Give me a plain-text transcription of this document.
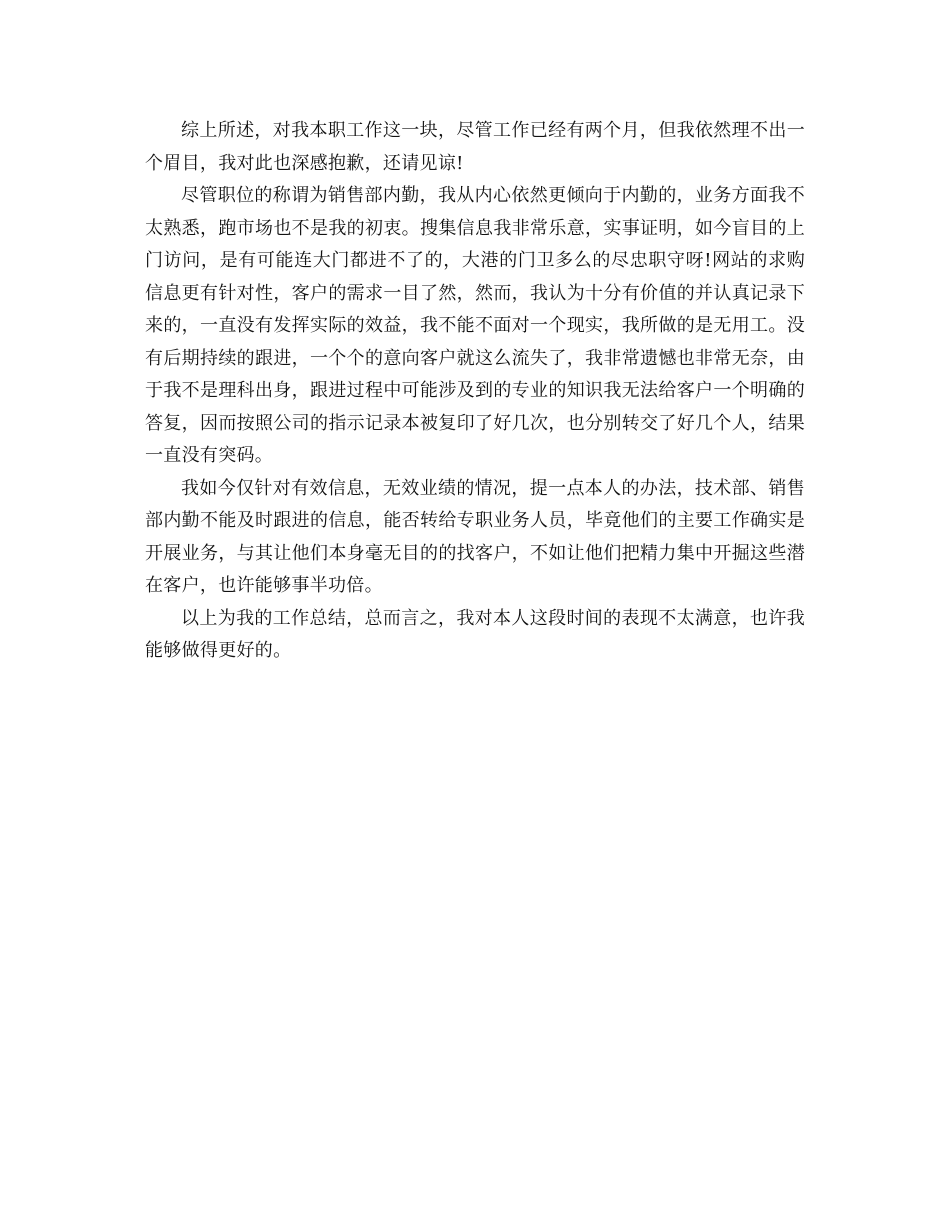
综上所述，对我本职工作这一块，尽管工作已经有两个月，但我依然理不出一个眉目，我对此也深感抱歉，还请见谅!

尽管职位的称谓为销售部内勤，我从内心依然更倾向于内勤的，业务方面我不太熟悉，跑市场也不是我的初衷。搜集信息我非常乐意，实事证明，如今盲目的上门访问，是有可能连大门都进不了的，大港的门卫多么的尽忠职守呀!网站的求购信息更有针对性，客户的需求一目了然，然而，我认为十分有价值的并认真记录下来的，一直没有发挥实际的效益，我不能不面对一个现实，我所做的是无用工。没有后期持续的跟进，一个个的意向客户就这么流失了，我非常遗憾也非常无奈，由于我不是理科出身，跟进过程中可能涉及到的专业的知识我无法给客户一个明确的答复，因而按照公司的指示记录本被复印了好几次，也分别转交了好几个人，结果一直没有突码。

我如今仅针对有效信息，无效业绩的情况，提一点本人的办法，技术部、销售部内勤不能及时跟进的信息，能否转给专职业务人员，毕竟他们的主要工作确实是开展业务，与其让他们本身毫无目的的找客户，不如让他们把精力集中开掘这些潜在客户，也许能够事半功倍。

以上为我的工作总结，总而言之，我对本人这段时间的表现不太满意，也许我能够做得更好的。
